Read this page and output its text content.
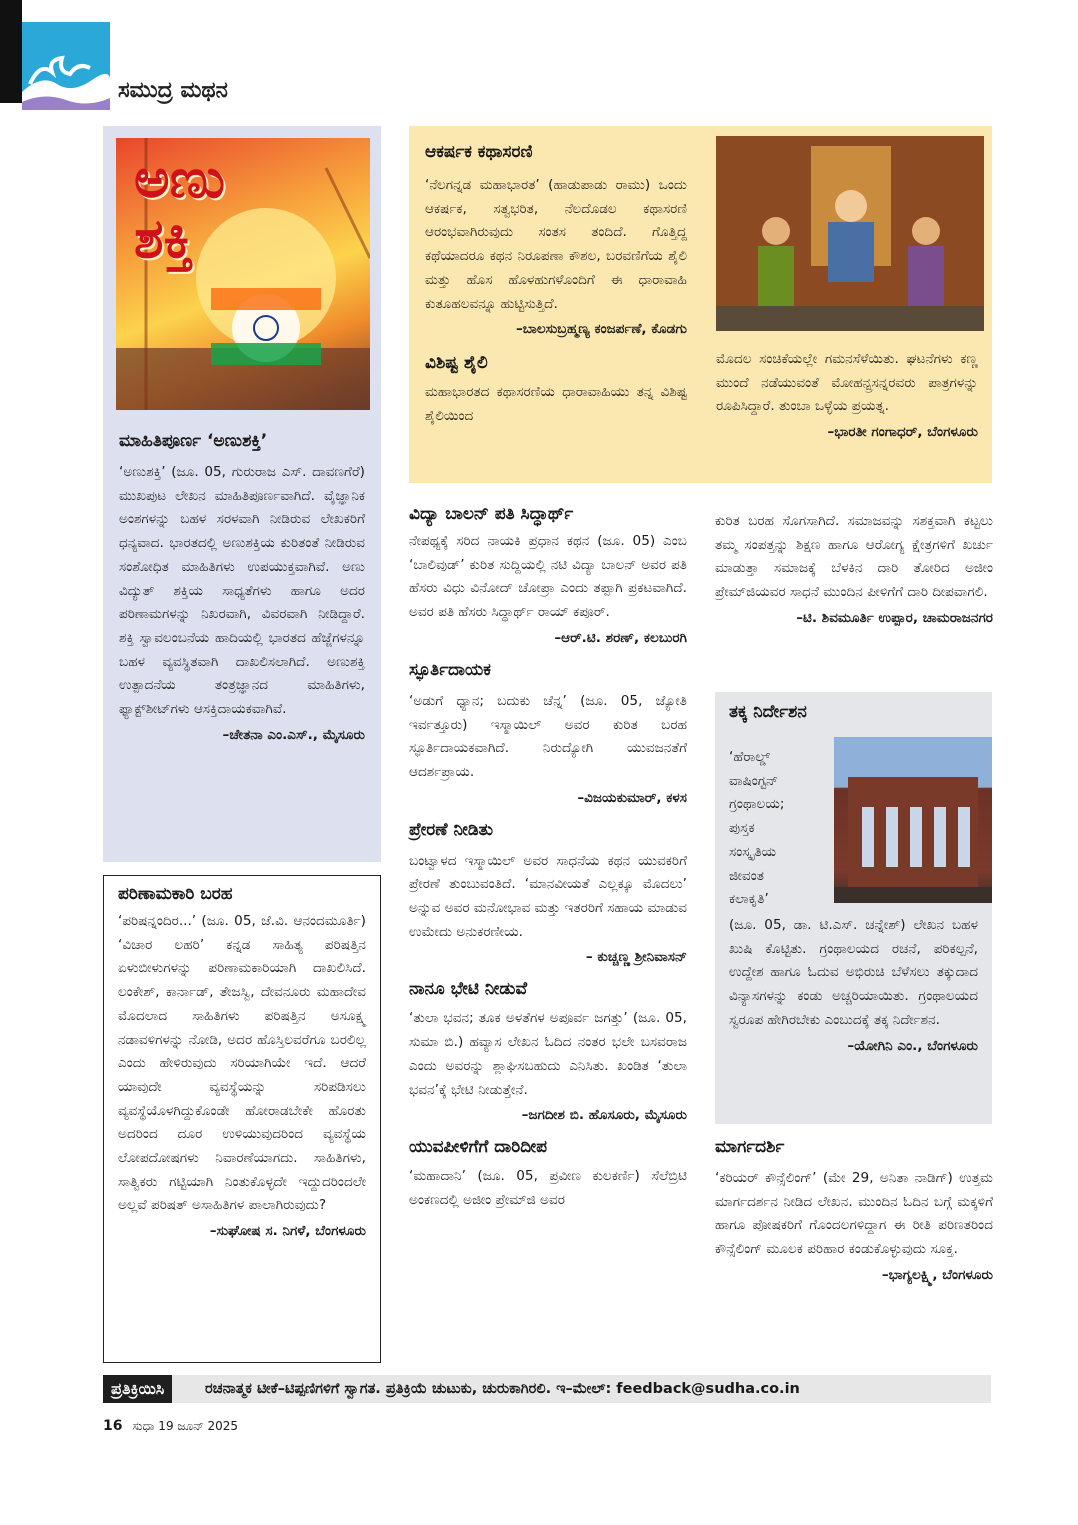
ಸಮುದ್ರ ಮಥನ
ಅಣು
ಶಕ್ತಿ

ಮಾಹಿತಿಪೂರ್ಣ ‘ಅಣುಶಕ್ತಿ’

‘ಅಣುಶಕ್ತಿ’ (ಜೂ. 05, ಗುರುರಾಜ ಎಸ್. ದಾವಣಗೆರೆ) ಮುಖಪುಟ ಲೇಖನ ಮಾಹಿತಿಪೂರ್ಣವಾಗಿದೆ. ವೈಜ್ಞಾನಿಕ ಅಂಶಗಳನ್ನು ಬಹಳ ಸರಳವಾಗಿ ನೀಡಿರುವ ಲೇಖಕರಿಗೆ ಧನ್ಯವಾದ. ಭಾರತದಲ್ಲಿ ಅಣುಶಕ್ತಿಯ ಕುರಿತಂತೆ ನೀಡಿರುವ ಸಂಶೋಧಿತ ಮಾಹಿತಿಗಳು ಉಪಯುಕ್ತವಾಗಿವೆ. ಅಣು ವಿದ್ಯುತ್ ಶಕ್ತಿಯ ಸಾಧ್ಯತೆಗಳು ಹಾಗೂ ಅದರ ಪರಿಣಾಮಗಳನ್ನು ನಿಖರವಾಗಿ, ವಿವರವಾಗಿ ನೀಡಿದ್ದಾರೆ. ಶಕ್ತಿ ಸ್ವಾವಲಂಬನೆಯ ಹಾದಿಯಲ್ಲಿ ಭಾರತದ ಹೆಜ್ಜೆಗಳನ್ನೂ ಬಹಳ ವ್ಯವಸ್ಥಿತವಾಗಿ ದಾಖಲಿಸಲಾಗಿದೆ. ಅಣುಶಕ್ತಿ ಉತ್ಪಾದನೆಯ ತಂತ್ರಜ್ಞಾನದ ಮಾಹಿತಿಗಳು, ಫ್ಯಾಕ್ಟ್‌ಶೀಟ್‌ಗಳು ಆಸಕ್ತಿದಾಯಕವಾಗಿವೆ.

–ಚೇತನಾ ಎಂ.ಎಸ್., ಮೈಸೂರು

ಪರಿಣಾಮಕಾರಿ ಬರಹ

‘ಪರಿಷನ್ನಂದಿರ...’ (ಜೂ. 05, ಜೆ.ವಿ. ಆನಂದಮೂರ್ತಿ) ‘ವಿಚಾರ ಲಹರಿ’ ಕನ್ನಡ ಸಾಹಿತ್ಯ ಪರಿಷತ್ತಿನ ಏಳುಬೀಳುಗಳನ್ನು ಪರಿಣಾಮಕಾರಿಯಾಗಿ ದಾಖಲಿಸಿದೆ. ಲಂಕೇಶ್, ಕಾರ್ನಾಡ್, ತೇಜಸ್ವಿ, ದೇವನೂರು ಮಹಾದೇವ ಮೊದಲಾದ ಸಾಹಿತಿಗಳು ಪರಿಷತ್ತಿನ ಅಸೂಕ್ಷ್ಮ ನಡಾವಳಿಗಳನ್ನು ನೋಡಿ, ಅದರ ಹೊಸ್ತಿಲವರೆಗೂ ಬರಲಿಲ್ಲ ಎಂದು ಹೇಳಿರುವುದು ಸರಿಯಾಗಿಯೇ ಇದೆ. ಆದರೆ ಯಾವುದೇ ವ್ಯವಸ್ಥೆಯನ್ನು ಸರಿಪಡಿಸಲು ವ್ಯವಸ್ಥೆಯೊಳಗಿದ್ದುಕೊಂಡೇ ಹೋರಾಡಬೇಕೇ ಹೊರತು ಅದರಿಂದ ದೂರ ಉಳಿಯುವುದರಿಂದ ವ್ಯವಸ್ಥೆಯ ಲೋಪದೋಷಗಳು ನಿವಾರಣೆಯಾಗದು. ಸಾಹಿತಿಗಳು, ಸಾತ್ವಿಕರು ಗಟ್ಟಿಯಾಗಿ ನಿಂತುಕೊಳ್ಳದೇ ಇದ್ದುದರಿಂದಲೇ ಅಲ್ಲವೆ ಪರಿಷತ್ ಅಸಾಹಿತಿಗಳ ಪಾಲಾಗಿರುವುದು?

–ಸುಘೋಷ ಸ. ನಿಗಳೆ, ಬೆಂಗಳೂರು

ಆಕರ್ಷಕ ಕಥಾಸರಣಿ

‘ನೆಲಗನ್ನಡ ಮಹಾಭಾರತ’ (ಹಾಡುಪಾಡು ರಾಮು) ಒಂದು ಆಕರ್ಷಕ, ಸತ್ವಭರಿತ, ನೆಲದೊಡಲ ಕಥಾಸರಣಿ ಆರಂಭವಾಗಿರುವುದು ಸಂತಸ ತಂದಿದೆ. ಗೊತ್ತಿದ್ದ ಕಥೆಯಾದರೂ ಕಥನ ನಿರೂಪಣಾ ಕೌಶಲ, ಬರವಣಿಗೆಯ ಶೈಲಿ ಮತ್ತು ಹೊಸ ಹೊಳಹುಗಳೊಂದಿಗೆ ಈ ಧಾರಾವಾಹಿ ಕುತೂಹಲವನ್ನೂ ಹುಟ್ಟಿಸುತ್ತಿದೆ.

–ಬಾಲಸುಬ್ರಹ್ಮಣ್ಯ ಕಂಜರ್ಪಣೆ, ಕೊಡಗು

ವಿಶಿಷ್ಟ ಶೈಲಿ

ಮಹಾಭಾರತದ ಕಥಾಸರಣಿಯ ಧಾರಾವಾಹಿಯು ತನ್ನ ವಿಶಿಷ್ಟ ಶೈಲಿಯಿಂದ

ಮೊದಲ ಸಂಚಿಕೆಯಲ್ಲೇ ಗಮನಸೆಳೆಯಿತು. ಘಟನೆಗಳು ಕಣ್ಣ ಮುಂದೆ ನಡೆಯುವಂತೆ ಮೋಹನ್ಪ್ರಸನ್ನರವರು ಪಾತ್ರಗಳನ್ನು ರೂಪಿಸಿದ್ದಾರೆ. ತುಂಬಾ ಒಳ್ಳೆಯ ಪ್ರಯತ್ನ.

–ಭಾರತೀ ಗಂಗಾಧರ್, ಬೆಂಗಳೂರು

ವಿದ್ಯಾ ಬಾಲನ್ ಪತಿ ಸಿದ್ಧಾರ್ಥ್

ನೇಪಥ್ಯಕ್ಕೆ ಸರಿದ ನಾಯಕಿ ಪ್ರಧಾನ ಕಥನ (ಜೂ. 05) ಎಂಬ ‘ಬಾಲಿವುಡ್’ ಕುರಿತ ಸುದ್ದಿಯಲ್ಲಿ ನಟಿ ವಿದ್ಯಾ ಬಾಲನ್ ಅವರ ಪತಿ ಹೆಸರು ವಿಧು ವಿನೋದ್ ಚೋಪ್ರಾ ಎಂದು ತಪ್ಪಾಗಿ ಪ್ರಕಟವಾಗಿದೆ. ಅವರ ಪತಿ ಹೆಸರು ಸಿದ್ಧಾರ್ಥ್ ರಾಯ್ ಕಪೂರ್.

–ಆರ್.ಟಿ. ಶರಣ್, ಕಲಬುರಗಿ

ಸ್ಫೂರ್ತಿದಾಯಕ

‘ಅಡುಗೆ ಧ್ಯಾನ; ಬದುಕು ಚೆನ್ನ’ (ಜೂ. 05, ಜ್ಯೋತಿ ಇರ್ವತ್ತೂರು) ಇಸ್ಮಾಯಿಲ್ ಅವರ ಕುರಿತ ಬರಹ ಸ್ಫೂರ್ತಿದಾಯಕವಾಗಿದೆ. ನಿರುದ್ಯೋಗಿ ಯುವಜನತೆಗೆ ಆದರ್ಶಪ್ರಾಯ.

–ವಿಜಯಕುಮಾರ್, ಕಳಸ

ಪ್ರೇರಣೆ ನೀಡಿತು

ಬಂಟ್ವಾಳದ ಇಸ್ಮಾಯಿಲ್ ಅವರ ಸಾಧನೆಯ ಕಥನ ಯುವಕರಿಗೆ ಪ್ರೇರಣೆ ತುಂಬುವಂತಿದೆ. ‘ಮಾನವೀಯತೆ ಎಲ್ಲಕ್ಕೂ ಮೊದಲು’ ಅನ್ನುವ ಅವರ ಮನೋಭಾವ ಮತ್ತು ಇತರರಿಗೆ ಸಹಾಯ ಮಾಡುವ ಉಮೇದು ಅನುಕರಣೀಯ.

– ಕುಚ್ಚಣ್ಣ ಶ್ರೀನಿವಾಸನ್

ನಾನೂ ಭೇಟಿ ನೀಡುವೆ

‘ತುಲಾ ಭವನ; ತೂಕ ಅಳತೆಗಳ ಅಪೂರ್ವ ಜಗತ್ತು’ (ಜೂ. 05, ಸುಮಾ ಬಿ.) ಹವ್ಯಾಸ ಲೇಖನ ಓದಿದ ನಂತರ ಭಲೇ ಬಸವರಾಜ ಎಂದು ಅವರನ್ನು ಶ್ಲಾಘಿಸಬಹುದು ಎನಿಸಿತು. ಖಂಡಿತ ‘ತುಲಾ ಭವನ’ಕ್ಕೆ ಭೇಟಿ ನೀಡುತ್ತೇನೆ.

–ಜಗದೀಶ ಬಿ. ಹೊಸೂರು, ಮೈಸೂರು

ಯುವಪೀಳಿಗೆಗೆ ದಾರಿದೀಪ

‘ಮಹಾದಾನಿ’ (ಜೂ. 05, ಪ್ರವೀಣ ಕುಲಕರ್ಣಿ) ಸೆಲೆಬ್ರಿಟಿ ಅಂಕಣದಲ್ಲಿ ಅಜೀಂ ಪ್ರೇಮ್‌ಜಿ ಅವರ

ಕುರಿತ ಬರಹ ಸೊಗಸಾಗಿದೆ. ಸಮಾಜವನ್ನು ಸಶಕ್ತವಾಗಿ ಕಟ್ಟಲು ತಮ್ಮ ಸಂಪತ್ತನ್ನು ಶಿಕ್ಷಣ ಹಾಗೂ ಆರೋಗ್ಯ ಕ್ಷೇತ್ರಗಳಿಗೆ ಖರ್ಚು ಮಾಡುತ್ತಾ ಸಮಾಜಕ್ಕೆ ಬೆಳಕಿನ ದಾರಿ ತೋರಿದ ಅಜೀಂ ಪ್ರೇಮ್‌ಜಿಯವರ ಸಾಧನೆ ಮುಂದಿನ ಪೀಳಿಗೆಗೆ ದಾರಿ ದೀಪವಾಗಲಿ.

–ಟಿ. ಶಿವಮೂರ್ತಿ ಉಪ್ಪಾರ, ಚಾಮರಾಜನಗರ

ತಕ್ಕ ನಿರ್ದೇಶನ

‘ಹೆರಾಲ್ಡ್
ವಾಷಿಂಗ್ಟನ್
ಗ್ರಂಥಾಲಯ;
ಪುಸ್ತಕ
ಸಂಸ್ಕೃತಿಯ
ಜೀವಂತ
ಕಲಾಕೃತಿ’

(ಜೂ. 05, ಡಾ. ಟಿ.ಎಸ್. ಚನ್ನೇಶ್) ಲೇಖನ ಬಹಳ ಖುಷಿ ಕೊಟ್ಟಿತು. ಗ್ರಂಥಾಲಯದ ರಚನೆ, ಪರಿಕಲ್ಪನೆ, ಉದ್ದೇಶ ಹಾಗೂ ಓದುವ ಅಭಿರುಚಿ ಬೆಳೆಸಲು ತಕ್ಕುದಾದ ವಿನ್ಯಾಸಗಳನ್ನು ಕಂಡು ಅಚ್ಚರಿಯಾಯಿತು. ಗ್ರಂಥಾಲಯದ ಸ್ವರೂಪ ಹೇಗಿರಬೇಕು ಎಂಬುದಕ್ಕೆ ತಕ್ಕ ನಿರ್ದೇಶನ.

–ಯೋಗಿನಿ ಎಂ., ಬೆಂಗಳೂರು

ಮಾರ್ಗದರ್ಶಿ

‘ಕರಿಯರ್ ಕೌನ್ಸೆಲಿಂಗ್’ (ಮೇ 29, ಅನಿತಾ ನಾಡಿಗ್) ಉತ್ತಮ ಮಾರ್ಗದರ್ಶನ ನೀಡಿದ ಲೇಖನ. ಮುಂದಿನ ಓದಿನ ಬಗ್ಗೆ ಮಕ್ಕಳಿಗೆ ಹಾಗೂ ಪೋಷಕರಿಗೆ ಗೊಂದಲಗಳಿದ್ದಾಗ ಈ ರೀತಿ ಪರಿಣತರಿಂದ ಕೌನ್ಸೆಲಿಂಗ್ ಮೂಲಕ ಪರಿಹಾರ ಕಂಡುಕೊಳ್ಳುವುದು ಸೂಕ್ತ.

–ಭಾಗ್ಯಲಕ್ಷ್ಮಿ, ಬೆಂಗಳೂರು

ಪ್ರತಿಕ್ರಿಯಿಸಿ	ರಚನಾತ್ಮಕ ಟೀಕೆ–ಟಿಪ್ಪಣಿಗಳಿಗೆ ಸ್ವಾಗತ. ಪ್ರತಿಕ್ರಿಯೆ ಚುಟುಕು, ಚುರುಕಾಗಿರಲಿ. ಇ–ಮೇಲ್: feedback@sudha.co.in
16 ಸುಧಾ 19 ಜೂನ್ 2025
